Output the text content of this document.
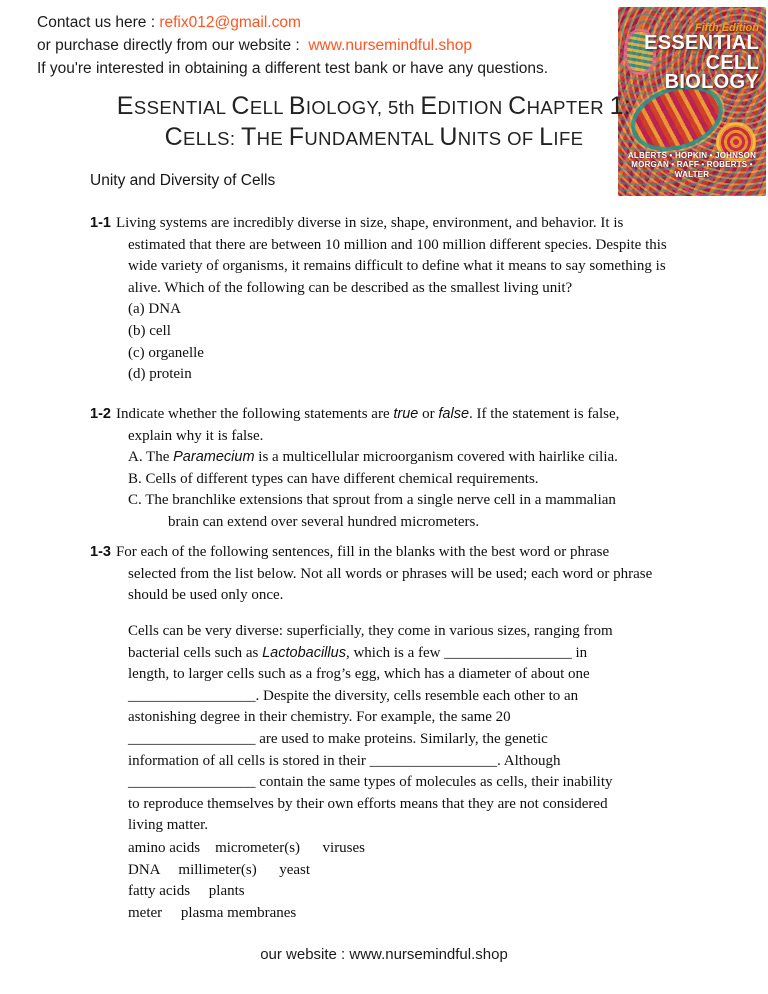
Contact us here : refix012@gmail.com
or purchase directly from our website :  www.nursemindful.shop
If you're interested in obtaining a different test bank or have any questions.
Fifth Edition
ESSENTIAL
CELL
BIOLOGY
ALBERTS • HOPKIN • JOHNSON
MORGAN • RAFF • ROBERTS • WALTER
ESSENTIAL CELL BIOLOGY, 5th EDITION CHAPTER 1:
CELLS: THE FUNDAMENTAL UNITS OF LIFE
Unity and Diversity of Cells
1-1 Living systems are incredibly diverse in size, shape, environment, and behavior. It is
estimated that there are between 10 million and 100 million different species. Despite this
wide variety of organisms, it remains difficult to define what it means to say something is
alive. Which of the following can be described as the smallest living unit?
(a) DNA
(b) cell
(c) organelle
(d) protein
1-2 Indicate whether the following statements are true or false. If the statement is false,
explain why it is false.
A. The Paramecium is a multicellular microorganism covered with hairlike cilia.
B. Cells of different types can have different chemical requirements.
C. The branchlike extensions that sprout from a single nerve cell in a mammalian
brain can extend over several hundred micrometers.
1-3 For each of the following sentences, fill in the blanks with the best word or phrase
selected from the list below. Not all words or phrases will be used; each word or phrase
should be used only once.
Cells can be very diverse: superficially, they come in various sizes, ranging from
bacterial cells such as Lactobacillus, which is a few _________________ in
length, to larger cells such as a frog’s egg, which has a diameter of about one
_________________. Despite the diversity, cells resemble each other to an
astonishing degree in their chemistry. For example, the same 20
_________________ are used to make proteins. Similarly, the genetic
information of all cells is stored in their _________________. Although
_________________ contain the same types of molecules as cells, their inability
to reproduce themselves by their own efforts means that they are not considered
living matter.
amino acids    micrometer(s)      viruses
DNA     millimeter(s)      yeast
fatty acids     plants
meter     plasma membranes
our website : www.nursemindful.shop
